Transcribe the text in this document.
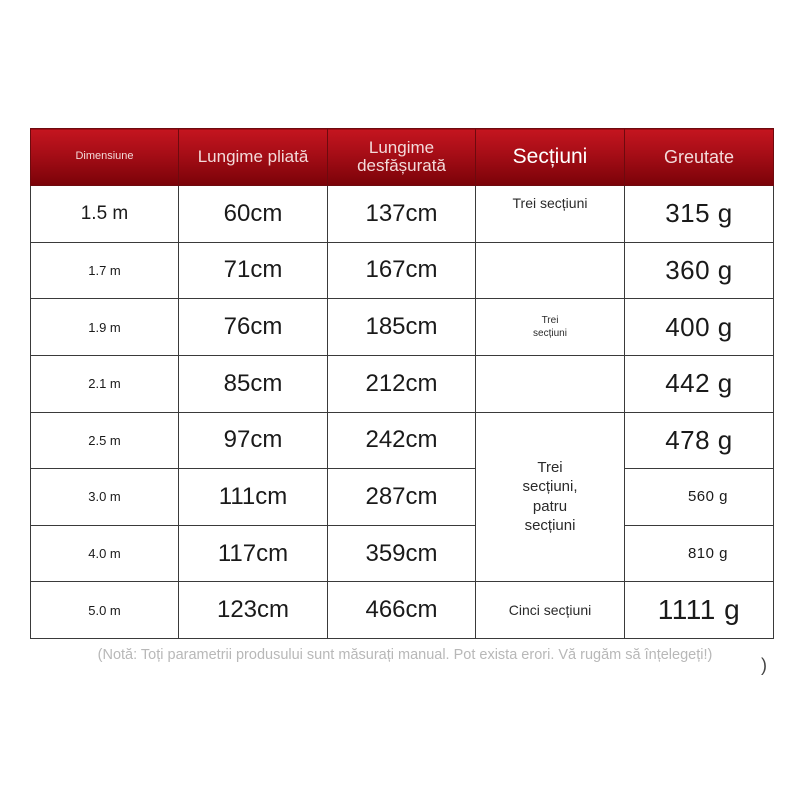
Dimensiune	Lungime pliată	Lungime desfășurată	Secțiuni	Greutate
1.5 m	60cm	137cm	Trei secțiuni	315 g
1.7 m	71cm	167cm		360 g
1.9 m	76cm	185cm	Trei secțiuni	400 g
2.1 m	85cm	212cm		442 g
2.5 m	97cm	242cm	Trei secțiuni, patru secțiuni	478 g
3.0 m	111cm	287cm		560 g
4.0 m	117cm	359cm		810 g
5.0 m	123cm	466cm	Cinci secțiuni	1111 g
(Notă: Toți parametrii produsului sunt măsurați manual. Pot exista erori. Vă rugăm să înțelegeți!)	)
